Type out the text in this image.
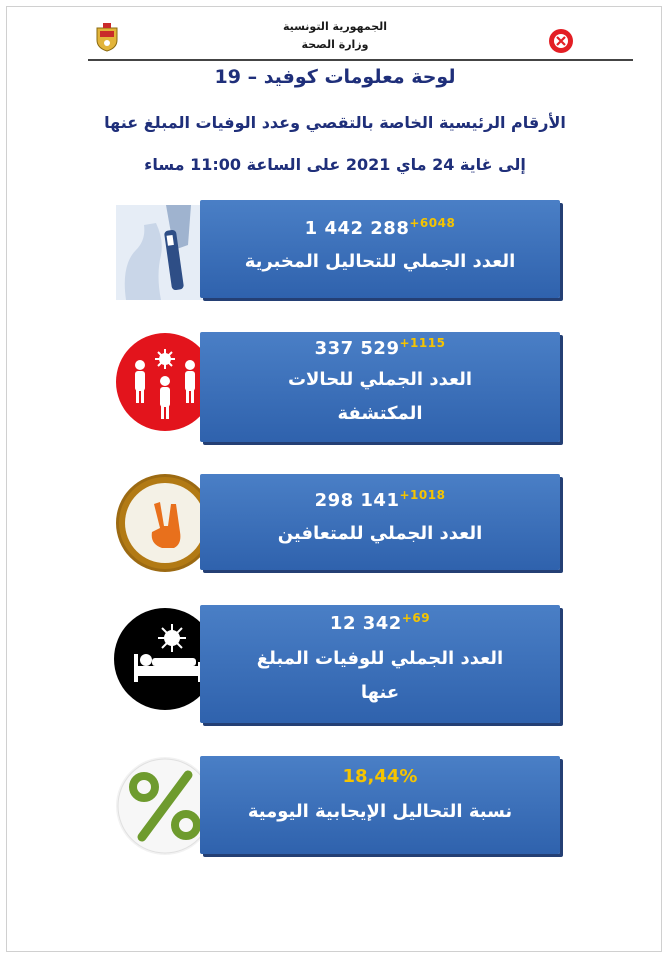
الجمهورية التونسية
وزارة الصحة
لوحة معلومات كوفيد – 19
الأرقام الرئيسية الخاصة بالتقصي وعدد الوفيات المبلغ عنها
إلى غاية 24 ماي 2021 على الساعة 11:00 مساء
1 442 $288^{+6048}$
العدد الجملي للتحاليل المخبرية
337 $529^{+1115}$
العدد الجملي للحالات
المكتشفة
298 $141^{+1018}$
العدد الجملي للمتعافين
12 $342^{+69}$
العدد الجملي للوفيات المبلغ
عنها
18,44%
نسبة التحاليل الإيجابية اليومية
